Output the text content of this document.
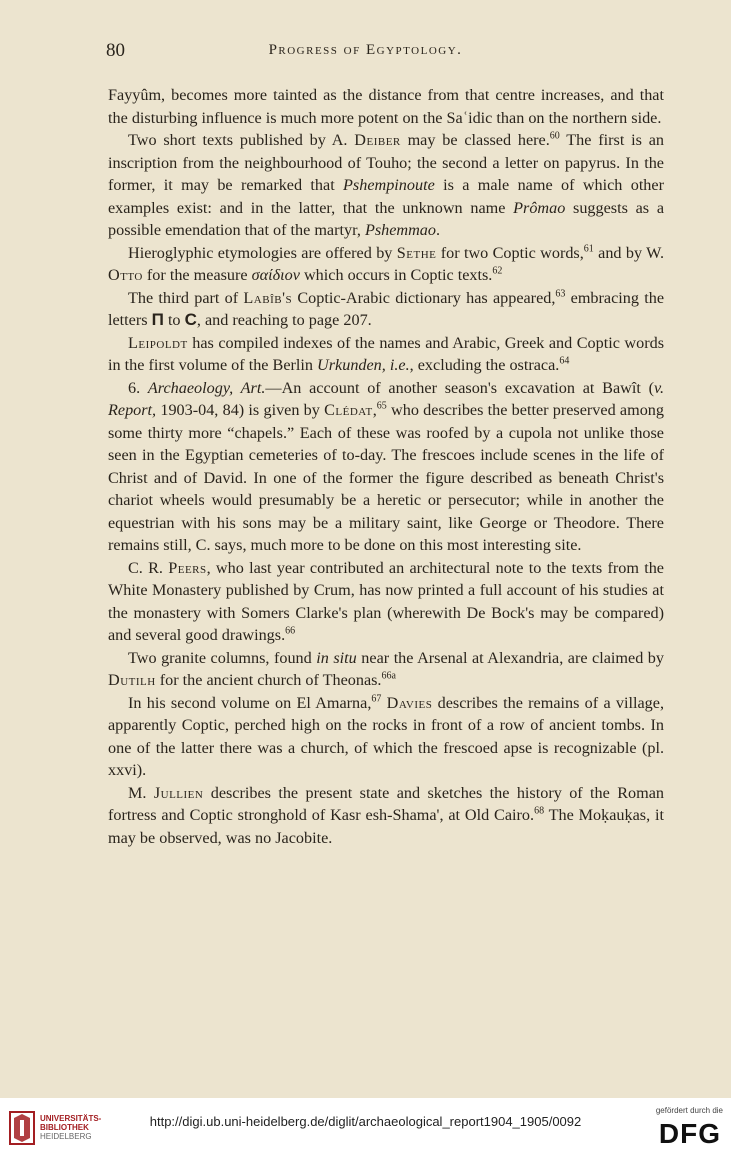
80	Progress of Egyptology.

Fayyûm, becomes more tainted as the distance from that centre increases, and that the disturbing influence is much more potent on the Saʿidic than on the northern side.

Two short texts published by A. Deiber may be classed here.$^{60}$ The first is an inscription from the neighbourhood of Touho; the second a letter on papyrus. In the former, it may be remarked that Pshempinoute is a male name of which other examples exist: and in the latter, that the unknown name Prômao suggests as a possible emendation that of the martyr, Pshemmao.

Hieroglyphic etymologies are offered by Sethe for two Coptic words,$^{61}$ and by W. Otto for the measure σαίδιον which occurs in Coptic texts.$^{62}$

The third part of Labîb's Coptic-Arabic dictionary has appeared,$^{63}$ embracing the letters Π to C, and reaching to page 207.

Leipoldt has compiled indexes of the names and Arabic, Greek and Coptic words in the first volume of the Berlin Urkunden, i.e., excluding the ostraca.$^{64}$

6. Archaeology, Art.—An account of another season's excavation at Bawît (v. Report, 1903-04, 84) is given by Clédat,$^{65}$ who describes the better preserved among some thirty more “chapels.” Each of these was roofed by a cupola not unlike those seen in the Egyptian cemeteries of to-day. The frescoes include scenes in the life of Christ and of David. In one of the former the figure described as beneath Christ's chariot wheels would presumably be a heretic or persecutor; while in another the equestrian with his sons may be a military saint, like George or Theodore. There remains still, C. says, much more to be done on this most interesting site.

C. R. Peers, who last year contributed an architectural note to the texts from the White Monastery published by Crum, has now printed a full account of his studies at the monastery with Somers Clarke's plan (wherewith De Bock's may be compared) and several good drawings.$^{66}$

Two granite columns, found in situ near the Arsenal at Alexandria, are claimed by Dutilh for the ancient church of Theonas.$^{66a}$

In his second volume on El Amarna,$^{67}$ Davies describes the remains of a village, apparently Coptic, perched high on the rocks in front of a row of ancient tombs. In one of the latter there was a church, of which the frescoed apse is recognizable (pl. xxvi).

M. Jullien describes the present state and sketches the history of the Roman fortress and Coptic stronghold of Kasr esh-Shama', at Old Cairo.$^{68}$ The Moḳauḳas, it may be observed, was no Jacobite.

UNIVERSITÄTS-
BIBLIOTHEK
HEIDELBERG
http://digi.ub.uni-heidelberg.de/diglit/archaeological_report1904_1905/0092
gefördert durch die
DFG
